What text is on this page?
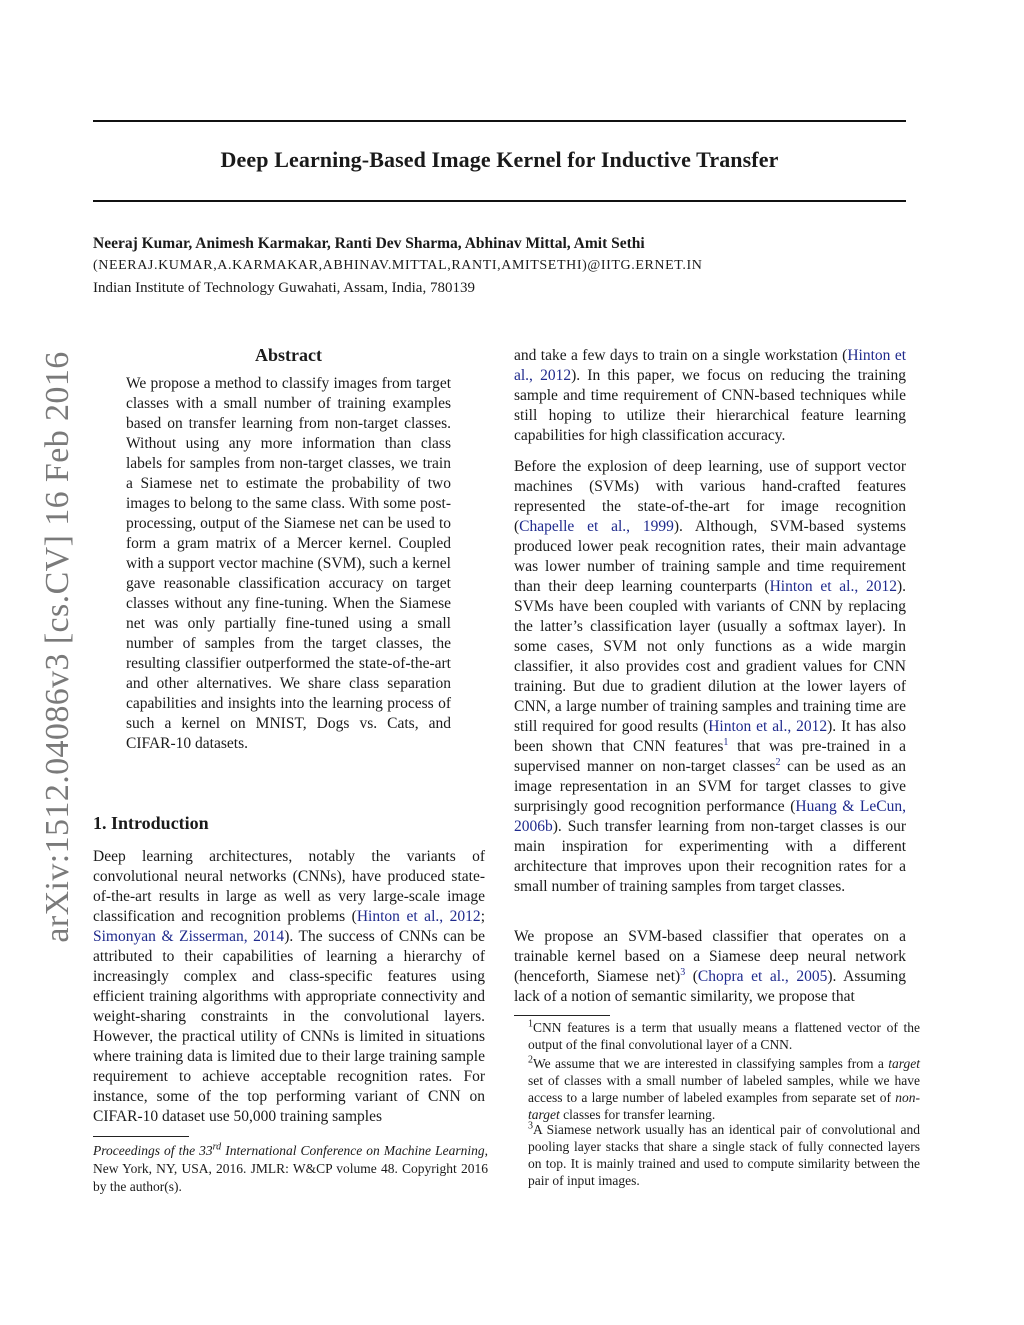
Deep Learning-Based Image Kernel for Inductive Transfer
Neeraj Kumar, Animesh Karmakar, Ranti Dev Sharma, Abhinav Mittal, Amit Sethi
(NEERAJ.KUMAR,A.KARMAKAR,ABHINAV.MITTAL,RANTI,AMITSETHI)@IITG.ERNET.IN
Indian Institute of Technology Guwahati, Assam, India, 780139
arXiv:1512.04086v3 [cs.CV] 16 Feb 2016	Abstract

We propose a method to classify images from target classes with a small number of training examples based on transfer learning from non-target classes. Without using any more information than class labels for samples from non-target classes, we train a Siamese net to estimate the probability of two images to belong to the same class. With some post-processing, output of the Siamese net can be used to form a gram matrix of a Mercer kernel. Coupled with a support vector machine (SVM), such a kernel gave reasonable classification accuracy on target classes without any fine-tuning. When the Siamese net was only partially fine-tuned using a small number of samples from the target classes, the resulting classifier outperformed the state-of-the-art and other alternatives. We share class separation capabilities and insights into the learning process of such a kernel on MNIST, Dogs vs. Cats, and CIFAR-10 datasets.

1. Introduction

Deep learning architectures, notably the variants of convolutional neural networks (CNNs), have produced state-of-the-art results in large as well as very large-scale image classification and recognition problems (Hinton et al., 2012; Simonyan & Zisserman, 2014). The success of CNNs can be attributed to their capabilities of learning a hierarchy of increasingly complex and class-specific features using efficient training algorithms with appropriate connectivity and weight-sharing constraints in the convolutional layers. However, the practical utility of CNNs is limited in situations where training data is limited due to their large training sample requirement to achieve acceptable recognition rates. For instance, some of the top performing variant of CNN on CIFAR-10 dataset use 50,000 training samples

Proceedings of the 33rd International Conference on Machine Learning, New York, NY, USA, 2016. JMLR: W&CP volume 48. Copyright 2016 by the author(s).

and take a few days to train on a single workstation (Hinton et al., 2012). In this paper, we focus on reducing the training sample and time requirement of CNN-based techniques while still hoping to utilize their hierarchical feature learning capabilities for high classification accuracy.

Before the explosion of deep learning, use of support vector machines (SVMs) with various hand-crafted features represented the state-of-the-art for image recognition (Chapelle et al., 1999). Although, SVM-based systems produced lower peak recognition rates, their main advantage was lower number of training sample and time requirement than their deep learning counterparts (Hinton et al., 2012). SVMs have been coupled with variants of CNN by replacing the latter’s classification layer (usually a softmax layer). In some cases, SVM not only functions as a wide margin classifier, it also provides cost and gradient values for CNN training. But due to gradient dilution at the lower layers of CNN, a large number of training samples and training time are still required for good results (Hinton et al., 2012). It has also been shown that CNN features$^1$ that was pre-trained in a supervised manner on non-target classes$^2$ can be used as an image representation in an SVM for target classes to give surprisingly good recognition performance (Huang & LeCun, 2006b). Such transfer learning from non-target classes is our main inspiration for experimenting with a different architecture that improves upon their recognition rates for a small number of training samples from target classes.

We propose an SVM-based classifier that operates on a trainable kernel based on a Siamese deep neural network (henceforth, Siamese net)$^3$ (Chopra et al., 2005). Assuming lack of a notion of semantic similarity, we propose that

$^1$CNN features is a term that usually means a flattened vector of the output of the final convolutional layer of a CNN.

$^2$We assume that we are interested in classifying samples from a target set of classes with a small number of labeled samples, while we have access to a large number of labeled examples from separate set of non-target classes for transfer learning.

$^3$A Siamese network usually has an identical pair of convolutional and pooling layer stacks that share a single stack of fully connected layers on top. It is mainly trained and used to compute similarity between the pair of input images.
